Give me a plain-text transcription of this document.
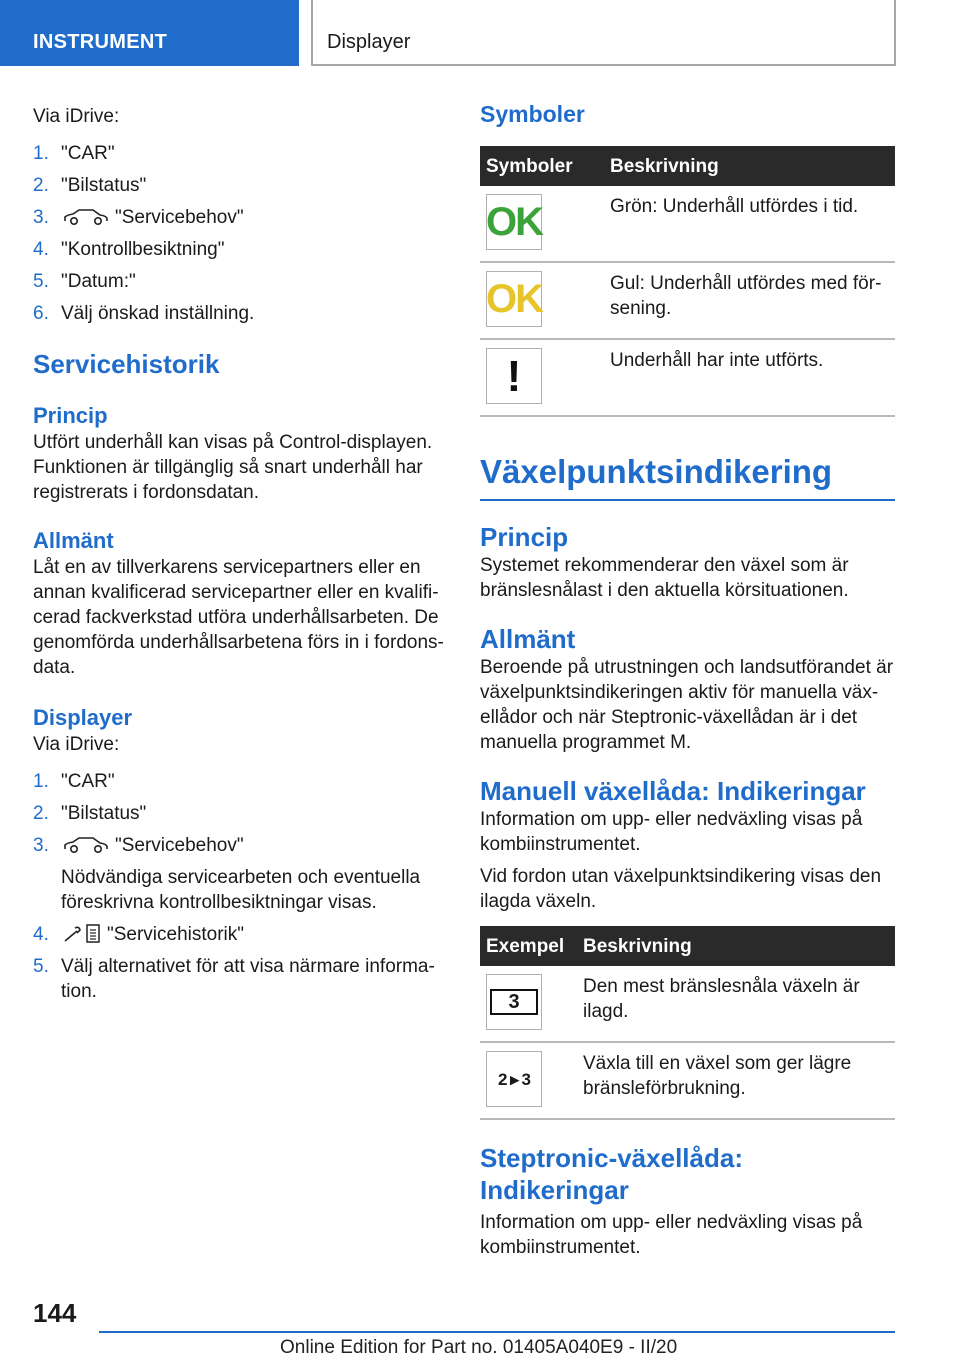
INSTRUMENT	Displayer

Via iDrive:

1. "CAR"
2. "Bilstatus"
3.	"Servicebehov"
4. "Kontrollbesiktning"
5. "Datum:"
6. Välj önskad inställning.
Servicehistorik
Princip

Utfört underhåll kan visas på Control-displayen. Funktionen är tillgänglig så snart underhåll har registrerats i fordonsdatan.

Allmänt

Låt en av tillverkarens servicepartners eller en annan kvalificerad servicepartner eller en kvalificerad fackverkstad utföra underhållsarbeten. De genomförda underhållsarbetena förs in i fordonsdata.

Displayer

Via iDrive:

1. "CAR"
2. "Bilstatus"
3.	"Servicebehov"
Nödvändiga servicearbeten och eventuella föreskrivna kontrollbesiktningar visas.
4.	"Servicehistorik"
5. Välj alternativet för att visa närmare information.
Symboler
Symboler	Beskrivning

OK	Grön: Underhåll utfördes i tid.

OK	Gul: Underhåll utfördes med försening.

!	Underhåll har inte utförts.
Växelpunktsindikering
Princip

Systemet rekommenderar den växel som är bränslesnålast i den aktuella körsituationen.

Allmänt

Beroende på utrustningen och landsutförandet är växelpunktsindikeringen aktiv för manuella växellådor och när Steptronic-växellådan är i det manuella programmet M.

Manuell växellåda: Indikeringar

Information om upp- eller nedväxling visas på kombiinstrumentet.

Vid fordon utan växelpunktsindikering visas den ilagda växeln.

Exempel	Beskrivning

3	Den mest bränslesnåla växeln är ilagd.

2 ▸ 3	Växla till en växel som ger lägre bränsleförbrukning.
Steptronic-växellåda: Indikeringar

Information om upp- eller nedväxling visas på kombiinstrumentet.

144
Online Edition for Part no. 01405A040E9 - II/20
